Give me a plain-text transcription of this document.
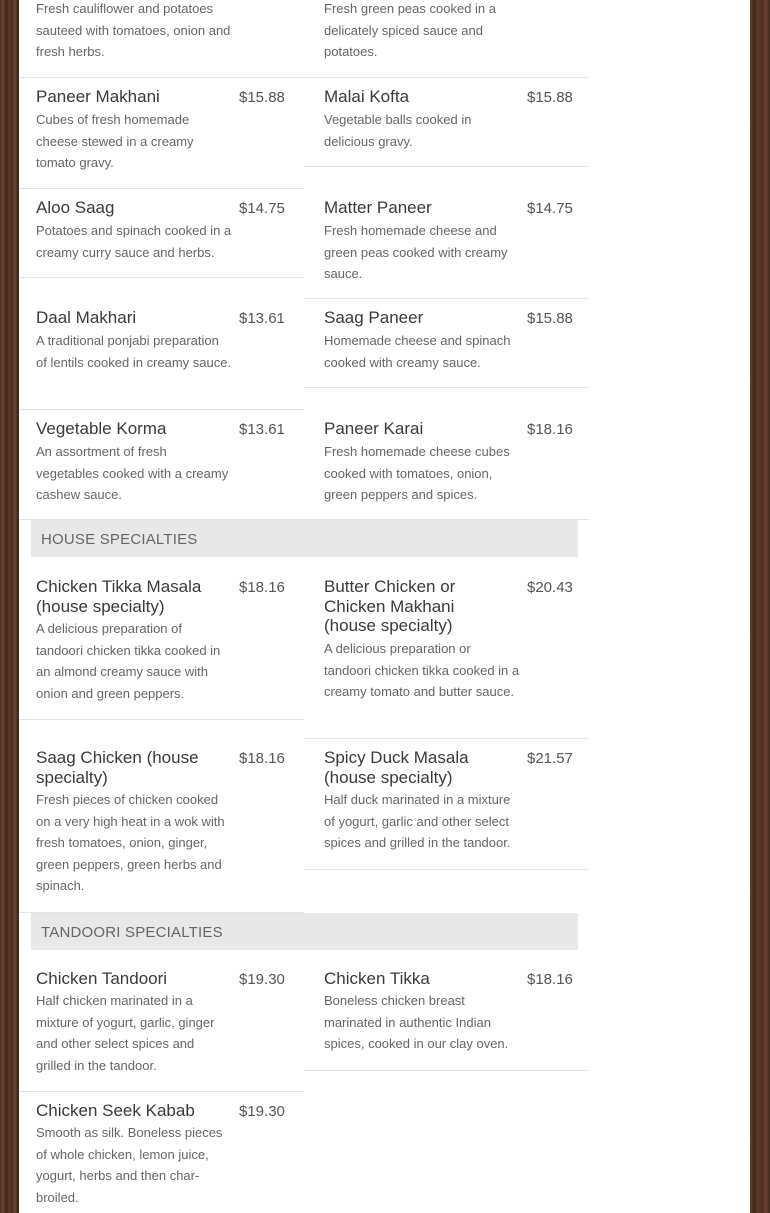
Fresh cauliflower and potatoes sauteed with tomatoes, onion and fresh herbs.
Fresh green peas cooked in a delicately spiced sauce and potatoes.
Paneer Makhani	$15.88
Cubes of fresh homemade cheese stewed in a creamy tomato gravy.
Malai Kofta	$15.88
Vegetable balls cooked in delicious gravy.
Aloo Saag	$14.75
Potatoes and spinach cooked in a creamy curry sauce and herbs.
Matter Paneer	$14.75
Fresh homemade cheese and green peas cooked with creamy sauce.
Daal Makhari	$13.61
A traditional ponjabi preparation of lentils cooked in creamy sauce.
Saag Paneer	$15.88
Homemade cheese and spinach cooked with creamy sauce.
Vegetable Korma	$13.61
An assortment of fresh vegetables cooked with a creamy cashew sauce.
Paneer Karai	$18.16
Fresh homemade cheese cubes cooked with tomatoes, onion, green peppers and spices.
HOUSE SPECIALTIES
Chicken Tikka Masala (house specialty)
$18.16
A delicious preparation of tandoori chicken tikka cooked in an almond creamy sauce with onion and green peppers.
Butter Chicken or Chicken Makhani (house specialty)
$20.43
A delicious preparation or tandoori chicken tikka cooked in a creamy tomato and butter sauce.
Saag Chicken (house specialty)
$18.16
Fresh pieces of chicken cooked on a very high heat in a wok with fresh tomatoes, onion, ginger, green peppers, green herbs and spinach.
Spicy Duck Masala (house specialty)
$21.57
Half duck marinated in a mixture of yogurt, garlic and other select spices and grilled in the tandoor.
TANDOORI SPECIALTIES
Chicken Tandoori	$19.30
Half chicken marinated in a mixture of yogurt, garlic, ginger and other select spices and grilled in the tandoor.
Chicken Tikka	$18.16
Boneless chicken breast marinated in authentic Indian spices, cooked in our clay oven.
Chicken Seek Kabab	$19.30
Smooth as silk. Boneless pieces of whole chicken, lemon juice, yogurt, herbs and then char-broiled.
